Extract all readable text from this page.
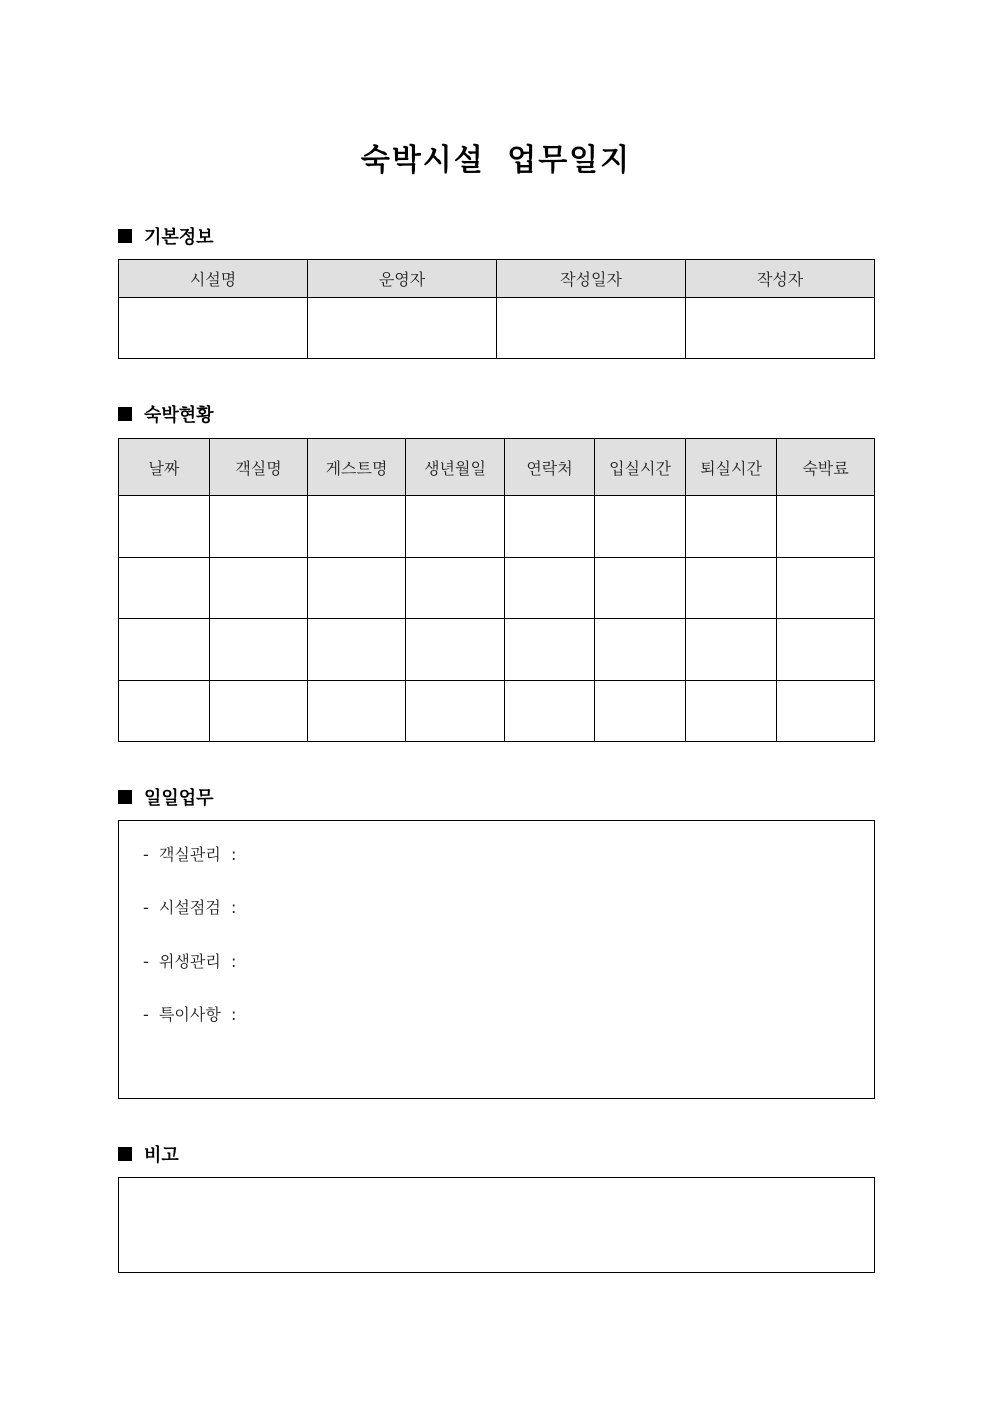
숙박시설 업무일지
기본정보
시설명	운영자	작성일자	작성자

숙박현황
날짜	객실명	게스트명	생년월일	연락처	입실시간	퇴실시간	숙박료

일일업무
-  객실관리  :
-  시설점검  :
-  위생관리  :
-  특이사항  :
비고
